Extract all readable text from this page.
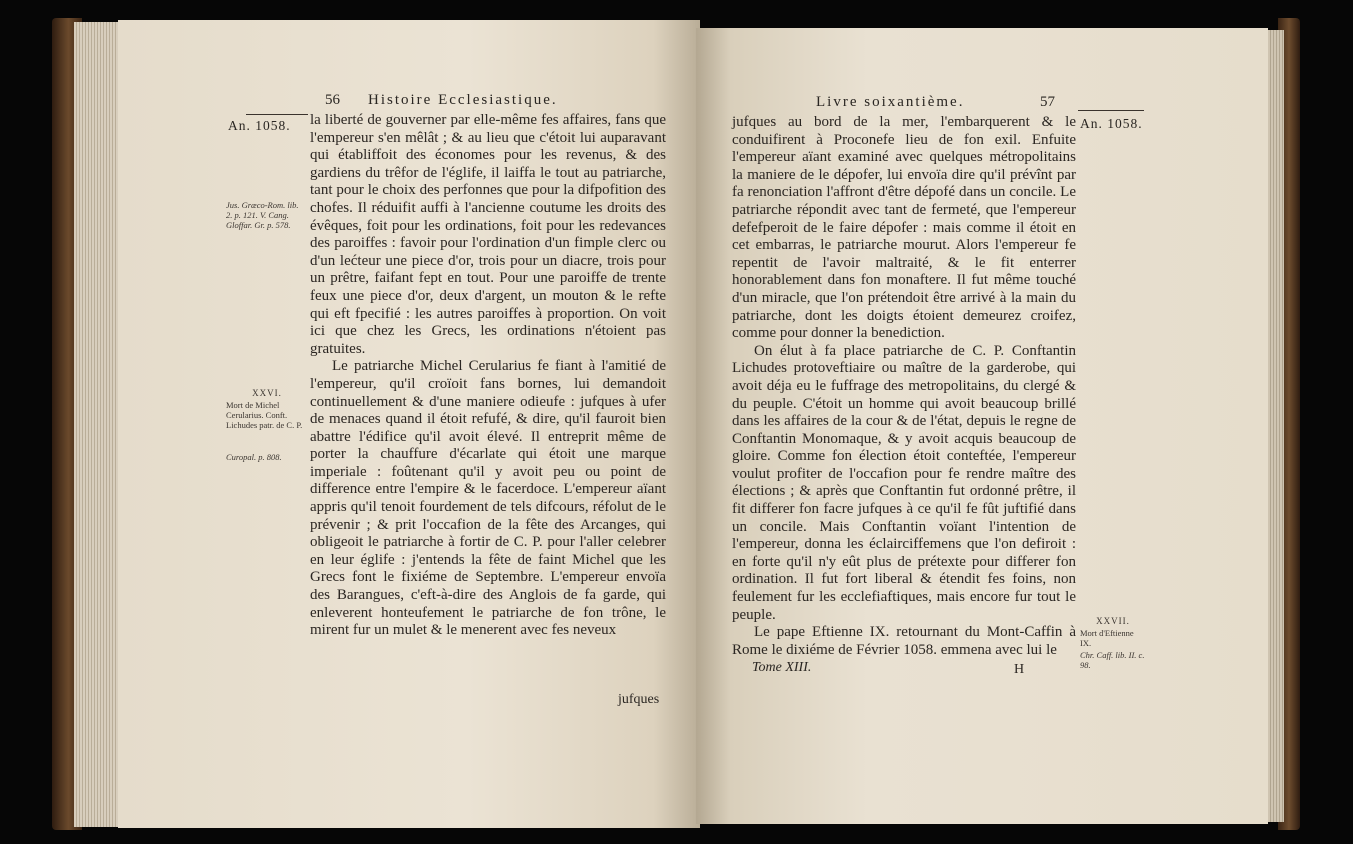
56 Histoire Ecclesiastique.
An. 1058.
Jus. Græco-Rom. lib. 2. p. 121. V. Cang. Gloffar. Gr. p. 578.
XXVI.
Mort de Michel Cerularius. Conft. Lichudes patr. de C. P.
Curopal. p. 808.
la liberté de gouverner par elle-même fes affaires, fans que l'empereur s'en mêlât ; & au lieu que c'étoit lui auparavant qui établiffoit des économes pour les revenus, & des gardiens du trêfor de l'églife, il laiffa le tout au patriarche, tant pour le choix des perfonnes que pour la difpofition des chofes. Il réduifit auffi à l'ancienne coutume les droits des évêques, foit pour les ordinations, foit pour les redevances des paroiffes : favoir pour l'ordination d'un fimple clerc ou d'un lećteur une piece d'or, trois pour un diacre, trois pour un prêtre, faifant fept en tout. Pour une paroiffe de trente feux une piece d'or, deux d'argent, un mouton & le refte qui eft fpecifié : les autres paroiffes à proportion. On voit ici que chez les Grecs, les ordinations n'étoient pas gratuites.
Le patriarche Michel Cerularius fe fiant à l'amitié de l'empereur, qu'il croïoit fans bornes, lui demandoit continuellement & d'une maniere odieufe : jufques à ufer de menaces quand il étoit refufé, & dire, qu'il fauroit bien abattre l'édifice qu'il avoit élevé. Il entreprit même de porter la chauffure d'écarlate qui étoit une marque imperiale : foûtenant qu'il y avoit peu ou point de difference entre l'empire & le facerdoce. L'empereur aïant appris qu'il tenoit fourdement de tels difcours, réfolut de le prévenir ; & prit l'occafion de la fête des Arcanges, qui obligeoit le patriarche à fortir de C. P. pour l'aller celebrer en leur églife : j'entends la fête de faint Michel que les Grecs font le fixiéme de Septembre. L'empereur envoïa des Barangues, c'eft-à-dire des Anglois de fa garde, qui enleverent honteufement le patriarche de fon trône, le mirent fur un mulet & le menerent avec fes neveux
jufques
Livre soixantième.	57
An. 1058.
XXVII.
Mort d'Eftienne IX.
Chr. Caff. lib. II. c. 98.
jufques au bord de la mer, l'embarquerent & le conduifirent à Proconefe lieu de fon exil. Enfuite l'empereur aïant examiné avec quelques métropolitains la maniere de le dépofer, lui envoïa dire qu'il prévînt par fa renonciation l'affront d'être dépofé dans un concile. Le patriarche répondit avec tant de fermeté, que l'empereur defefperoit de le faire dépofer : mais comme il étoit en cet embarras, le patriarche mourut. Alors l'empereur fe repentit de l'avoir maltraité, & le fit enterrer honorablement dans fon monaftere. Il fut même touché d'un miracle, que l'on prétendoit être arrivé à la main du patriarche, dont les doigts étoient demeurez croifez, comme pour donner la benediction.
On élut à fa place patriarche de C. P. Conftantin Lichudes protoveftiaire ou maître de la garderobe, qui avoit déja eu le fuffrage des metropolitains, du clergé & du peuple. C'étoit un homme qui avoit beaucoup brillé dans les affaires de la cour & de l'état, depuis le regne de Conftantin Monomaque, & y avoit acquis beaucoup de gloire. Comme fon élection étoit conteftée, l'empereur voulut profiter de l'occafion pour fe rendre maître des élections ; & après que Conftantin fut ordonné prêtre, il fit differer fon facre jufques à ce qu'il fe fût juftifié dans un concile. Mais Conftantin voïant l'intention de l'empereur, donna les éclairciffemens que l'on defiroit : en forte qu'il n'y eût plus de prétexte pour differer fon ordination. Il fut fort liberal & étendit fes foins, non feulement fur les ecclefiaftiques, mais encore fur tout le peuple.
Le pape Eftienne IX. retournant du Mont-Caffin à Rome le dixiéme de Février 1058. emmena avec lui le
Tome XIII.	H
